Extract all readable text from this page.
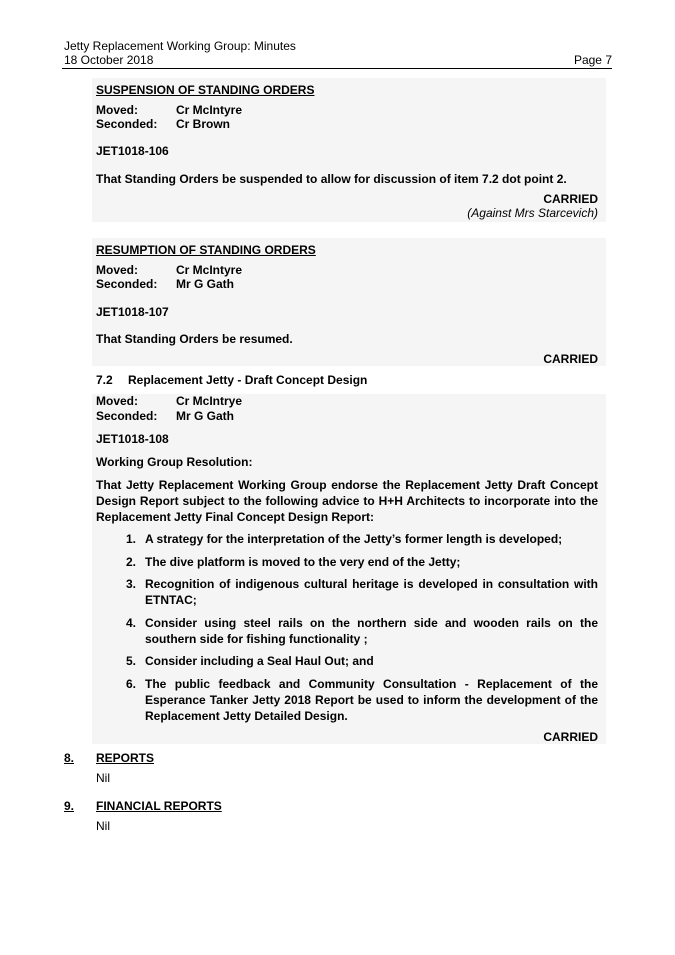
Jetty Replacement Working Group: Minutes
18 October 2018	Page 7
SUSPENSION OF STANDING ORDERS
Moved:	Cr McIntyre
Seconded: Cr Brown
JET1018-106
That Standing Orders be suspended to allow for discussion of item 7.2 dot point 2.
CARRIED
(Against Mrs Starcevich)
RESUMPTION OF STANDING ORDERS
Moved:	Cr McIntyre
Seconded: Mr G Gath
JET1018-107
That Standing Orders be resumed.
CARRIED
7.2 Replacement Jetty - Draft Concept Design
Moved:	Cr McIntrye
Seconded: Mr G Gath
JET1018-108
Working Group Resolution:
That Jetty Replacement Working Group endorse the Replacement Jetty Draft Concept Design Report subject to the following advice to H+H Architects to incorporate into the Replacement Jetty Final Concept Design Report:
1. A strategy for the interpretation of the Jetty’s former length is developed;
2. The dive platform is moved to the very end of the Jetty;
3. Recognition of indigenous cultural heritage is developed in consultation with ETNTAC;
4. Consider using steel rails on the northern side and wooden rails on the southern side for fishing functionality ;
5. Consider including a Seal Haul Out; and
6. The public feedback and Community Consultation - Replacement of the Esperance Tanker Jetty 2018 Report be used to inform the development of the Replacement Jetty Detailed Design.
CARRIED
8. REPORTS
Nil
9. FINANCIAL REPORTS
Nil
